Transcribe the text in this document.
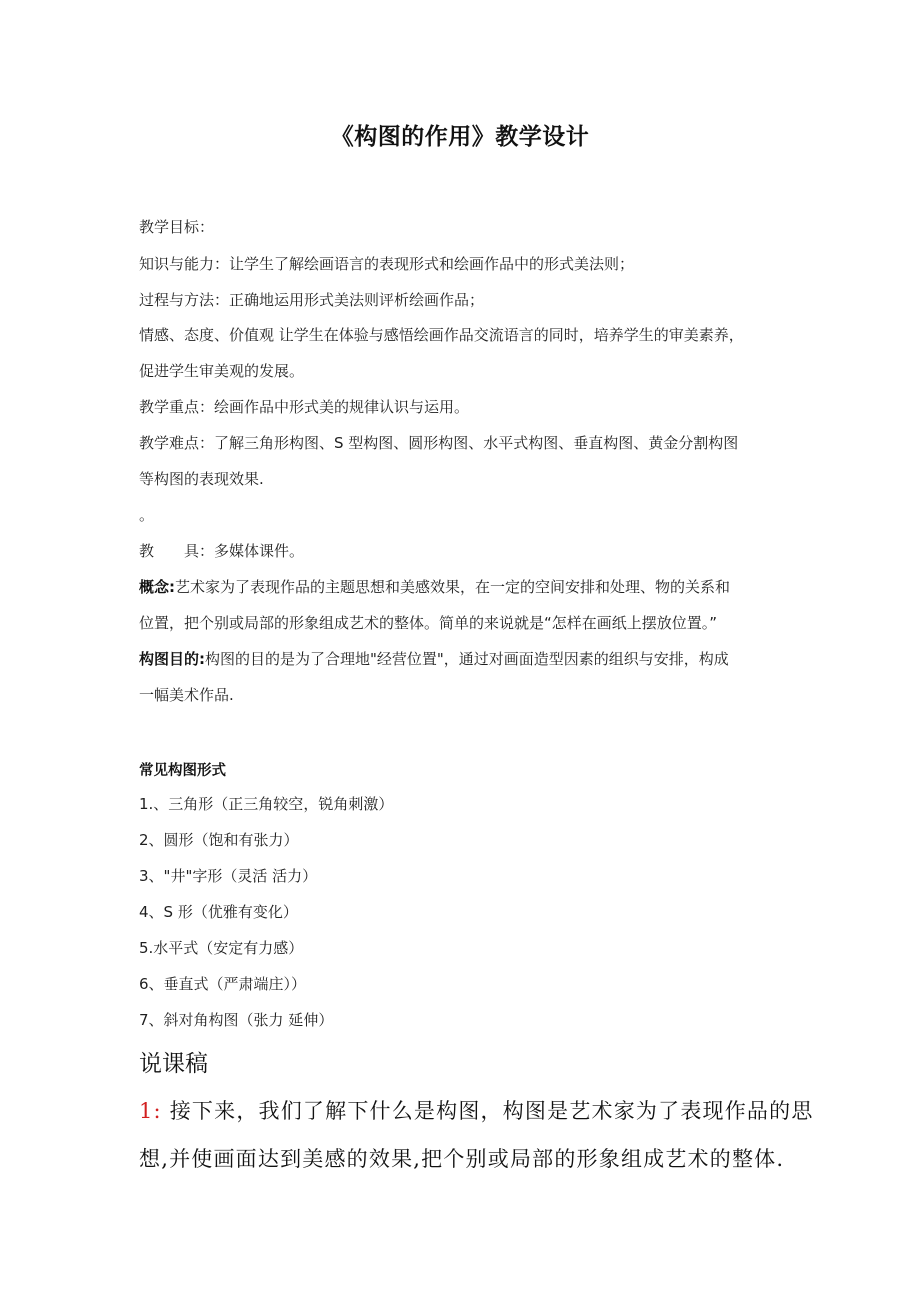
《构图的作用》教学设计
教学目标：
知识与能力：让学生了解绘画语言的表现形式和绘画作品中的形式美法则；
过程与方法：正确地运用形式美法则评析绘画作品；
情感、态度、价值观 让学生在体验与感悟绘画作品交流语言的同时，培养学生的审美素养，
促进学生审美观的发展。
教学重点：绘画作品中形式美的规律认识与运用。
教学难点：了解三角形构图、S 型构图、圆形构图、水平式构图、垂直构图、黄金分割构图
等构图的表现效果.
。
教　　具：多媒体课件。
概念:艺术家为了表现作品的主题思想和美感效果，在一定的空间安排和处理、物的关系和
位置，把个别或局部的形象组成艺术的整体。简单的来说就是“怎样在画纸上摆放位置。”
构图目的:构图的目的是为了合理地"经营位置"，通过对画面造型因素的组织与安排，构成
一幅美术作品.
常见构图形式
1.、三角形（正三角较空，锐角刺激）
2、圆形（饱和有张力）
3、"井"字形（灵活 活力）
4、S 形（优雅有变化）
5.水平式（安定有力感）
6、垂直式（严肃端庄））
7、斜对角构图（张力 延伸）
说课稿
1: 接下来，我们了解下什么是构图，构图是艺术家为了表现作品的思
想,并使画面达到美感的效果,把个别或局部的形象组成艺术的整体.
